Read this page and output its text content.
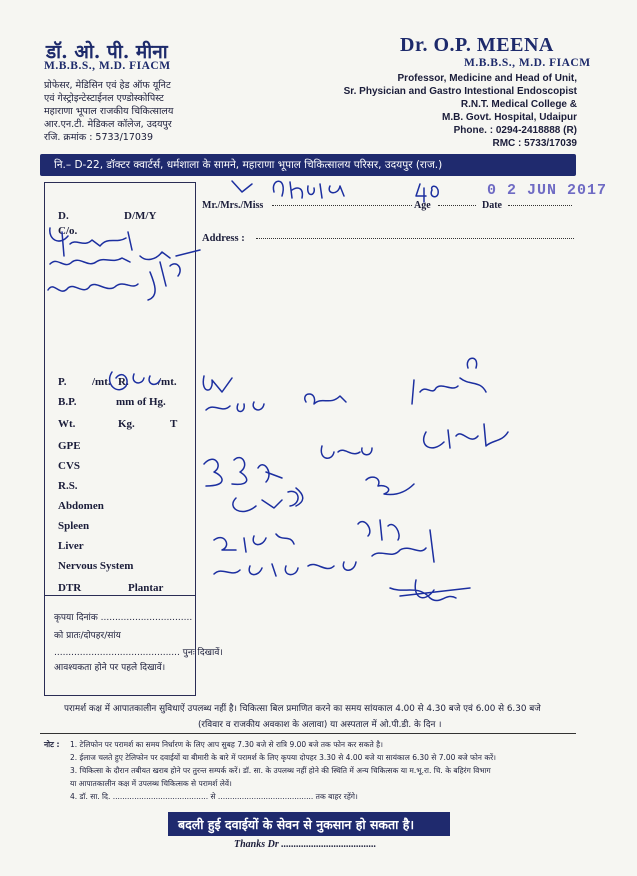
डॉ. ओ. पी. मीना
M.B.B.S., M.D. FIACM
प्रोफेसर, मेडिसिन एवं हेड ऑफ यूनिट
एवं गेस्ट्रोइन्टेस्टाईनल एण्डोस्कोपिस्ट
महाराणा भूपाल राजकीय चिकित्सालय
आर.एन.टी. मेडिकल कॉलेज, उदयपुर
रजि. क्रमांक : 5733/17039
Dr. O.P. MEENA
M.B.B.S., M.D. FIACM
Professor, Medicine and Head of Unit,
Sr. Physician and Gastro Intestional Endoscopist
R.N.T. Medical College &
M.B. Govt. Hospital, Udaipur
Phone. : 0294-2418888 (R)
RMC : 5733/17039
नि.– D-22, डॉक्टर क्वार्टर्स, धर्मशाला के सामने, महाराणा भूपाल चिकित्सालय परिसर, उदयपुर (राज.)
0 2 JUN 2017
D.	D/M/Y
C/o.
Mr./Mrs./Miss	Age	Date
Address :
P. /mt. R.	/mt.
B.P.	mm of Hg.
Wt.	Kg.	T
GPE
CVS
R.S.
Abdomen
Spleen
Liver
Nervous System
DTR	Plantar
कृपया दिनांक ................................
को प्रातः/दोपहर/सांय
............................................ पुनः दिखावें।
आवश्यकता होने पर पहले दिखावें।
परामर्श कक्ष में आपातकालीन सुविधाऐं उपलब्ध नहीं है। चिकित्सा बिल प्रमाणित करने का समय सांयकाल 4.00 से 4.30 बजे एवं 6.00 से 6.30 बजे
(रविवार व राजकीय अवकाश के अलावा) या अस्पताल में ओ.पी.डी. के दिन ।
नोट : 1. टेलिफोन पर परामर्श का समय निर्धारण के लिए आप सुबह 7.30 बजे से रात्रि 9.00 बजे तक फोन कर सकते है।
2. ईलाज चलते हुए टेलिफोन पर दवाईयों या बीमारी के बारे में परामर्श के लिए कृपया दोपहर 3.30 से 4.00 बजे या सायंकाल 6.30 से 7.00 बजे फोन करें।
3. चिकित्सा के दौरान तबीयत खराब होने पर तुरन्त सम्पर्क करें। डॉ. सा. के उपलब्ध नहीं होने की स्थिति में अन्य चिकित्सक या म.भू.रा. चि. के बहिरंग विभाग
या आपातकालीन कक्ष में उपलब्ध चिकित्सक से परामर्श लेवें।
4. डॉ. सा. दि. ........................................ से ........................................ तक बाहर रहेंगे।
बदली हुई दवाईयों के सेवन से नुकसान हो सकता है।
Thanks Dr ......................................
